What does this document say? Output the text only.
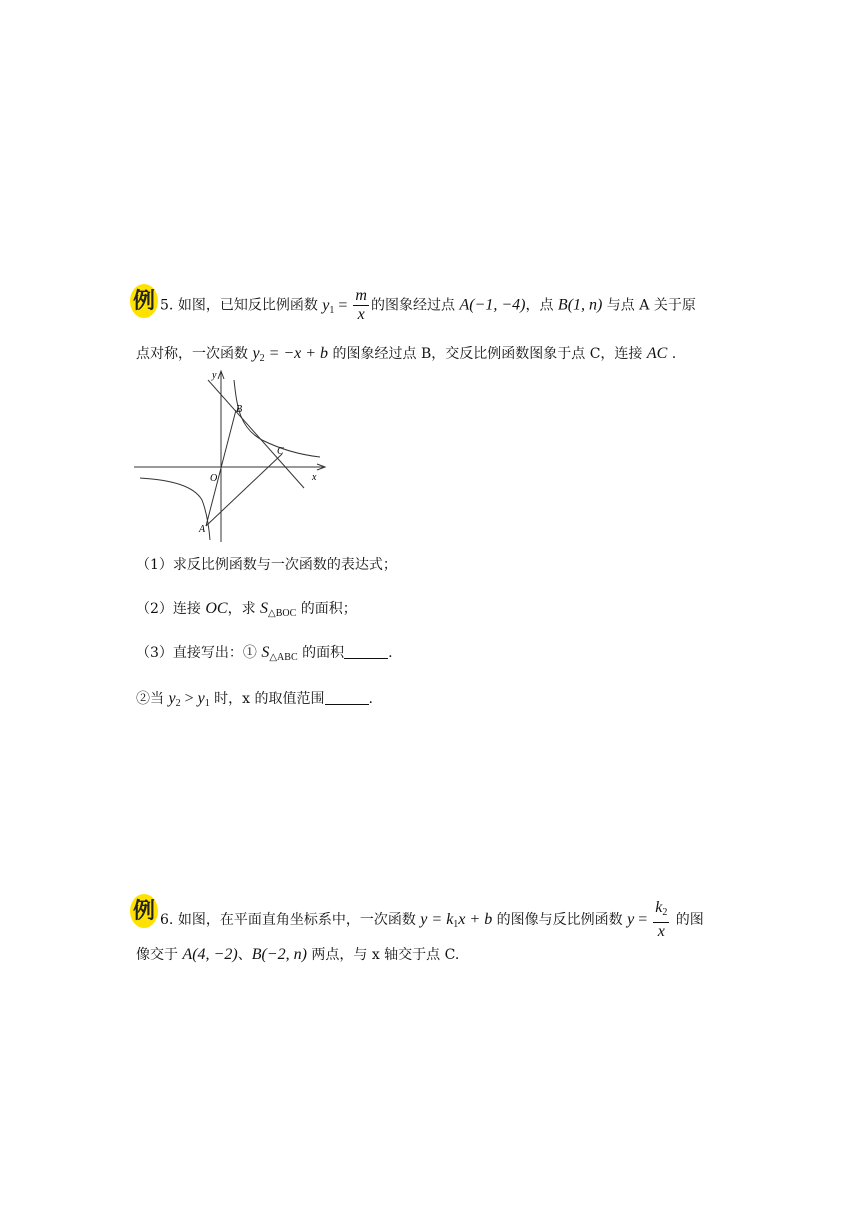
例 5. 如图，已知反比例函数 $y_1 = \frac{m}{x}$ 的图象经过点 A(−1, −4)，点 B(1, n) 与点 A 关于原
点对称，一次函数 $y_2 = -x + b$ 的图象经过点 B，交反比例函数图象于点 C，连接 AC .
y
x
O
A
B
C
（1）求反比例函数与一次函数的表达式；
（2）连接 OC，求 $S_{\triangle BOC}$ 的面积；
（3）直接写出：① $S_{\triangle ABC}$ 的面积	.
②当 $y_2 > y_1$ 时，x 的取值范围	.
例 6. 如图，在平面直角坐标系中，一次函数 $y = k_1x + b$ 的图像与反比例函数 $y = \frac{k_2}{x}$ 的图
像交于 A(4, −2)、B(−2, n) 两点，与 x 轴交于点 C.
